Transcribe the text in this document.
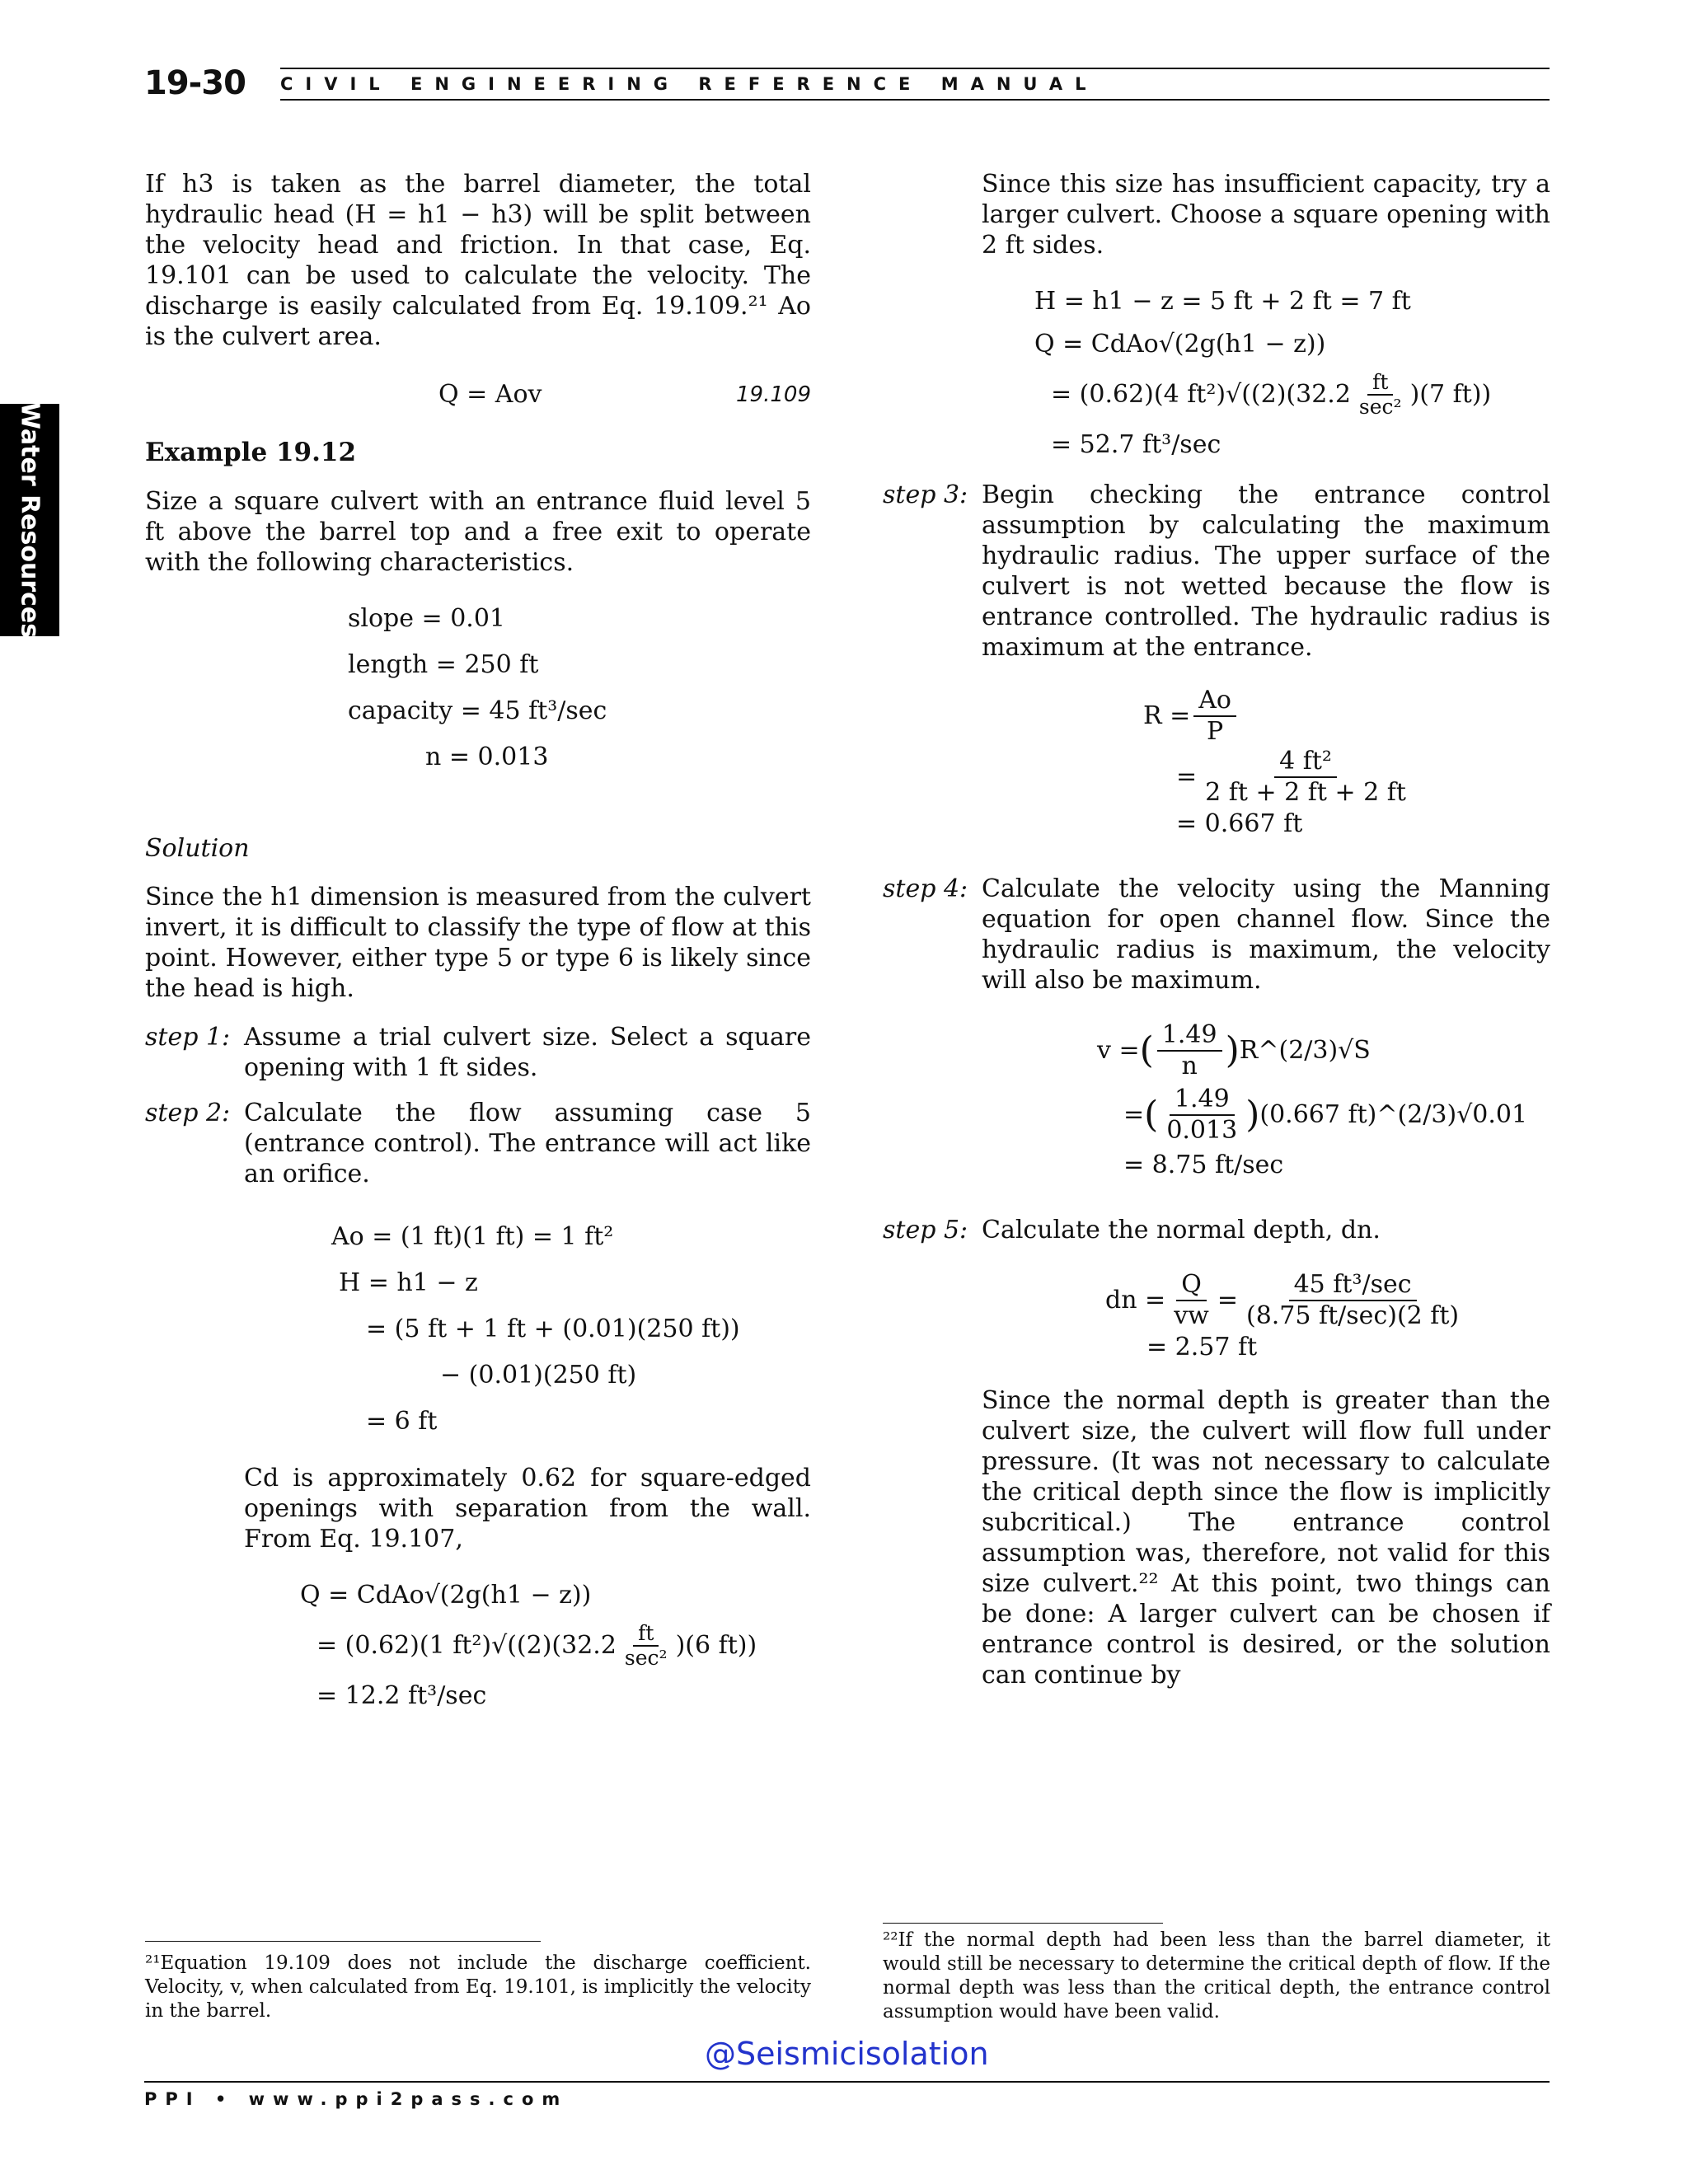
19-30 CIVIL ENGINEERING REFERENCE MANUAL
Water Resources

If h3 is taken as the barrel diameter, the total hydraulic head (H = h1 − h3) will be split between the velocity head and friction. In that case, Eq. 19.101 can be used to calculate the velocity. The discharge is easily calculated from Eq. 19.109.²¹ Ao is the culvert area.

Q = Aov	19.109
Example 19.12

Size a square culvert with an entrance fluid level 5 ft above the barrel top and a free exit to operate with the following characteristics.

slope = 0.01
length = 250 ft
capacity = 45 ft³/sec
n = 0.013
Solution

Since the h1 dimension is measured from the culvert invert, it is difficult to classify the type of flow at this point. However, either type 5 or type 6 is likely since the head is high.

step 1: Assume a trial culvert size. Select a square opening with 1 ft sides.
step 2: Calculate the flow assuming case 5 (entrance control). The entrance will act like an orifice.
Ao = (1 ft)(1 ft) = 1 ft²
H = h1 − z
= (5 ft + 1 ft + (0.01)(250 ft))
− (0.01)(250 ft)
= 6 ft

Cd is approximately 0.62 for square-edged openings with separation from the wall. From Eq. 19.107,

Q = CdAo√(2g(h1 − z))
= (0.62)(1 $ft^2)√((2)(32.2 \frac{ft}{\text{sec²}} )(6$ ft))
= 12.2 ft³/sec

Since this size has insufficient capacity, try a larger culvert. Choose a square opening with 2 ft sides.

H = h1 − z = 5 ft + 2 ft = 7 ft
Q = CdAo√(2g(h1 − z))
= (0.62)(4 $ft^2)√((2)(32.2 \frac{ft}{\text{sec²}} )(7$ ft))
= 52.7 ft³/sec
step 3: Begin checking the entrance control assumption by calculating the maximum hydraulic radius. The upper surface of the culvert is not wetted because the flow is entrance controlled. The hydraulic radius is maximum at the entrance.
$R = \frac{Ao}{P}$
= $\frac{\text{4 ft²}}{2 ft + 2 ft + 2 ft}$
= 0.667 ft
step 4: Calculate the velocity using the Manning equation for open channel flow. Since the hydraulic radius is maximum, the velocity will also be maximum.
v = ( $\frac{1.49}{n}$ ) R^(2/3)√S
= ( $\frac{1.49}{0.013}$ ) (0.667 ft)^(2/3)√0.01
= 8.75 ft/sec
step 5: Calculate the normal depth, dn.
dn = $\frac{Q}{vw} = \frac{\text{45 ft³/sec}}{(8.75 ft/\sec)(2 ft)}$
= 2.57 ft

Since the normal depth is greater than the culvert size, the culvert will flow full under pressure. (It was not necessary to calculate the critical depth since the flow is implicitly subcritical.) The entrance control assumption was, therefore, not valid for this size culvert.²² At this point, two things can be done: A larger culvert can be chosen if entrance control is desired, or the solution can continue by

²¹Equation 19.109 does not include the discharge coefficient. Velocity, v, when calculated from Eq. 19.101, is implicitly the velocity in the barrel.
²²If the normal depth had been less than the barrel diameter, it would still be necessary to determine the critical depth of flow. If the normal depth was less than the critical depth, the entrance control assumption would have been valid.
@Seismicisolation
PPI • www.ppi2pass.com
